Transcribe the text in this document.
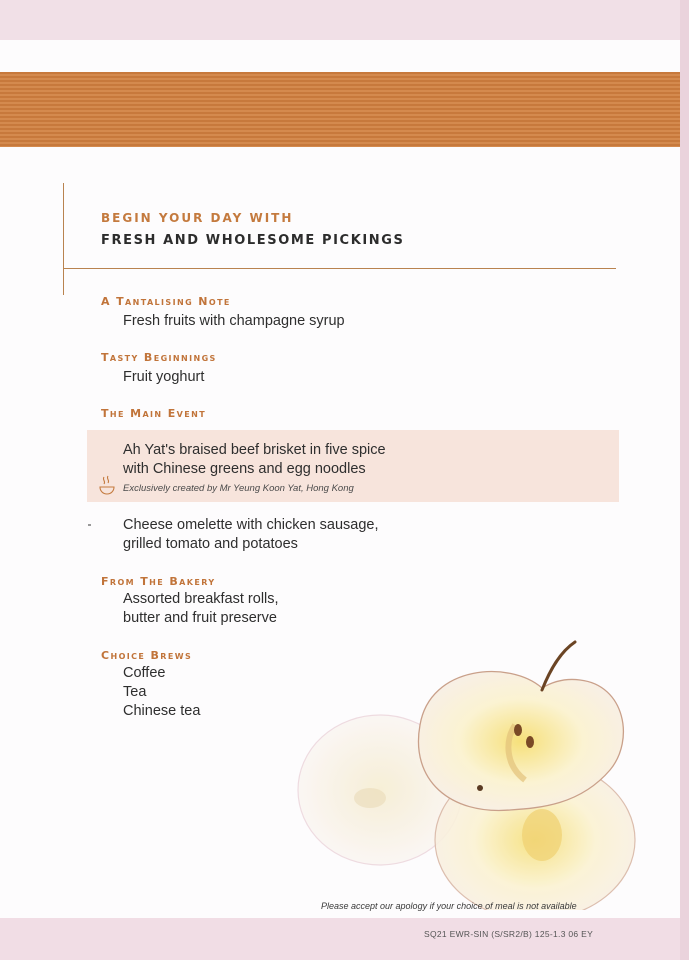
BEGIN YOUR DAY WITH
FRESH AND WHOLESOME PICKINGS
A Tantalising Note
Fresh fruits with champagne syrup
Tasty Beginnings
Fruit yoghurt
The Main Event
Ah Yat's braised beef brisket in five spice
with Chinese greens and egg noodles
Exclusively created by Mr Yeung Koon Yat, Hong Kong
Cheese omelette with chicken sausage,
grilled tomato and potatoes
From The Bakery
Assorted breakfast rolls,
butter and fruit preserve
Choice Brews
Coffee
Tea
Chinese tea
Please accept our apology if your choice of meal is not available
SQ21 EWR-SIN (S/SR2/B) 125-1.3 06 EY
